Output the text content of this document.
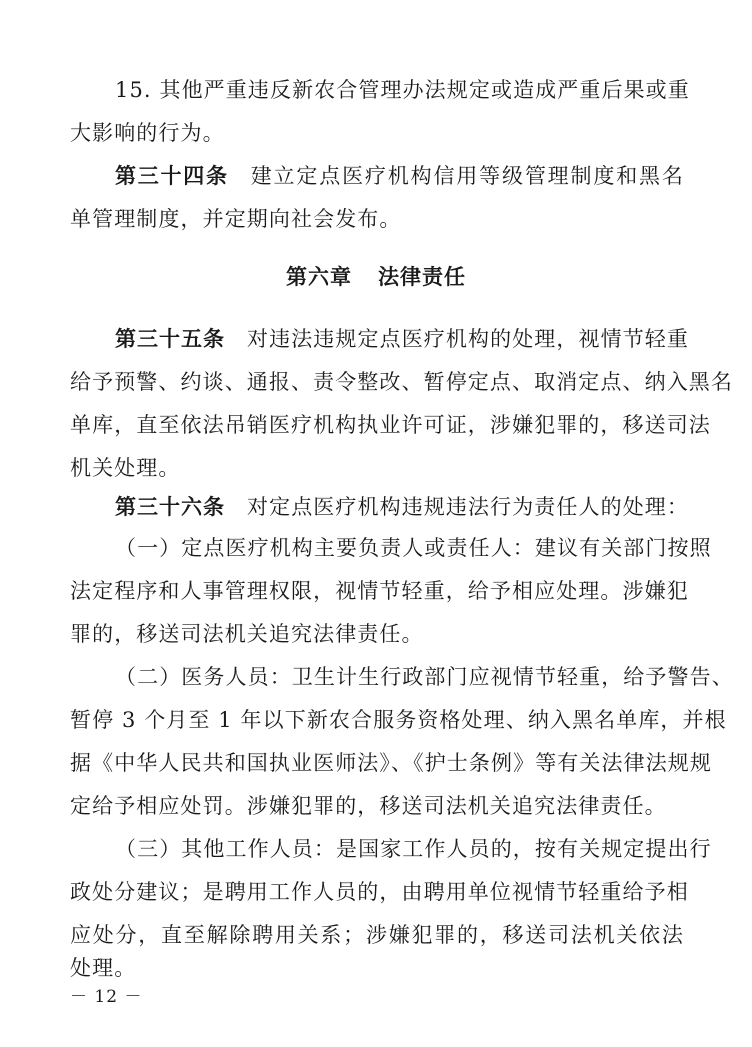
15. 其他严重违反新农合管理办法规定或造成严重后果或重
大影响的行为。
第三十四条 建立定点医疗机构信用等级管理制度和黑名
单管理制度，并定期向社会发布。
第六章 法律责任
第三十五条 对违法违规定点医疗机构的处理，视情节轻重
给予预警、约谈、通报、责令整改、暂停定点、取消定点、纳入黑名
单库，直至依法吊销医疗机构执业许可证，涉嫌犯罪的，移送司法
机关处理。
第三十六条 对定点医疗机构违规违法行为责任人的处理：
（一）定点医疗机构主要负责人或责任人：建议有关部门按照
法定程序和人事管理权限，视情节轻重，给予相应处理。涉嫌犯
罪的，移送司法机关追究法律责任。
（二）医务人员：卫生计生行政部门应视情节轻重，给予警告、
暂停 3 个月至 1 年以下新农合服务资格处理、纳入黑名单库，并根
据《中华人民共和国执业医师法》、《护士条例》等有关法律法规规
定给予相应处罚。涉嫌犯罪的，移送司法机关追究法律责任。
（三）其他工作人员：是国家工作人员的，按有关规定提出行
政处分建议；是聘用工作人员的，由聘用单位视情节轻重给予相
应处分，直至解除聘用关系；涉嫌犯罪的，移送司法机关依法
处理。
－ 12 －
